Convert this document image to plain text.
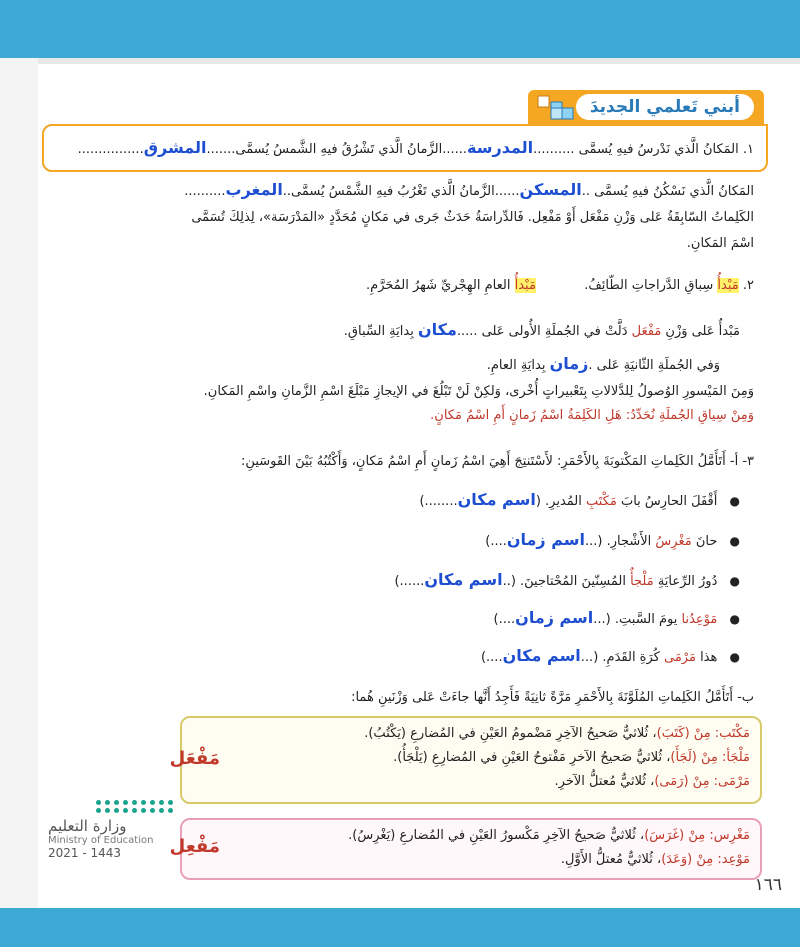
أبني تَعلمي الجديدَ
١. المَكانُ الَّذي نَدْرسُ فيهِ يُسمَّى ..........المدرسة......الزَّمانُ الَّذي تَشْرُقُ فيهِ الشَّمسُ يُسمَّى.......المشرق................
المَكانُ الَّذي نَسْكُنُ فيهِ يُسمَّى ..المسكن......الزَّمانُ الَّذي تَغْرُبُ فيهِ الشَّمْسُ يُسمَّى..المغرب..........
الكَلِماتُ السّابِقَةُ عَلى وَزْنِ مَفْعَل أَوْ مَفْعِل. فَالدِّراسَةُ حَدَثٌ جَرى في مَكانٍ مُحَدَّدٍ «المَدْرَسَة»، لِذلِكَ تُسَمَّى
اسْمَ المَكانِ.
٢. مَبْدأُ سِباقِ الدَّراجاتِ الطّائِفُ.  مَبْدأُ العامِ الهِجْريِّ شَهرُ المُحَرَّمِ.
مَبْدأٌ عَلى وَزْنِ مَفْعَل دَلَّتْ في الجُملَةِ الأُولى عَلى .....مكان بِدايَةِ السِّباقِ.
وَفي الجُملَةِ الثّانيَةِ عَلى .زمان بِدايَةِ العامِ.
وَمِنَ المَيْسورِ الوُصولُ لِلدَّلالاتِ بِتَعْبيراتٍ أُخْرى، وَلكِنْ لَنْ تَبْلُغَ في الإيجازِ مَبْلَغَ اسْمِ الزَّمانِ واسْمِ المَكانِ.
وَمِنْ سِياقِ الجُملَةِ نُحَدِّدُ: هَلِ الكَلِمَةُ اسْمُ زَمانٍ أَمِ اسْمُ مَكانٍ.
٣- أ- أَتَأَمَّلُ الكَلِماتِ المَكْتوبَةَ بِالأَحْمَرِ: لأَسْتَنتِجَ أَهِيَ اسْمُ زَمانٍ أَمِ اسْمُ مَكانٍ، وَأَكْتُبُهُ بَيْنَ القَوسَينِ:
● أَقْفَلَ الحارِسُ بابَ مَكْتَبِ المُديرِ. (اسم مكان........)
● حانَ مَغْرِسُ الأَشْجارِ. (...اسم زمان....)
● دُورُ الرِّعايَةِ مَلْجأٌ المُسِنّينَ المُحْتاجينَ. (..اسم مكان......)
● مَوْعِدُنا يومَ السَّبتِ. (...اسم زمان....)
● هذا مَرْمَى كُرَةِ القَدَمِ. (...اسم مكان....)
ب- أَتَأَمَّلُ الكَلِماتِ المُلَوَّنَةَ بِالأَحْمَرِ مَرَّةً ثانِيَةً فَأَجِدُ أَنَّها جاءَتْ عَلى وَزْنَينِ هُما:
مَكْتَب: مِنْ (كَتَبَ)، ثُلاثيٌّ صَحيحُ الآخِرِ مَضْمومُ العَيْنِ في المُضارعِ (يَكْتُبُ).
مَلْجَأ: مِنْ (لَجَأَ)، ثُلاثيٌّ صَحيحُ الآخرِ مَفْتوحُ العَيْنِ في المُضارِعِ (يَلْجَأُ).
مَرْمَى: مِنْ (رَمَى)، ثُلاثيٌّ مُعتلُّ الآخرِ.
مَفْعَل
مَغْرِس: مِنْ (غَرَسَ)، ثُلاثيٌّ صَحيحُ الآخِرِ مَكْسورُ العَيْنِ في المُضارعِ (يَغْرِسُ).
مَوْعِد: مِنْ (وَعَدَ)، ثُلاثيٌّ مُعتلُّ الأَوَّلِ.
مَفْعِل
وزارة التعليم
Ministry of Education
2021 - 1443
١٦٦
